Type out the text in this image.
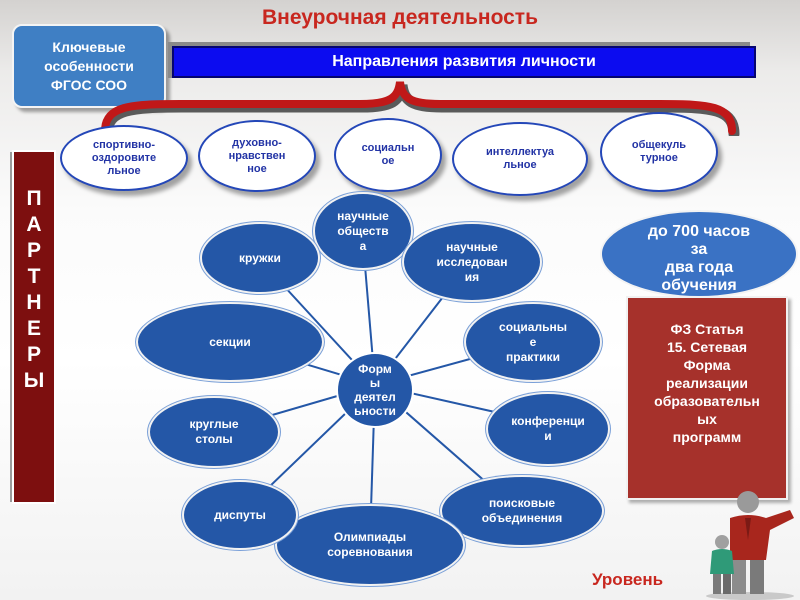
Внеурочная деятельность
Ключевые
особенности
ФГОС СОО
Направления развития личности
спортивно-
оздоровите
льное
духовно-
нравствен
ное
социальн
ое
интеллектуа
льное
общекуль
турное
П
А
Р
Т
Н
Е
Р
Ы
научные
обществ
а	научные
исследован
ия
социальны
е
практики
конференци
и
поисковые
объединения
Олимпиады
соревнования
диспуты
круглые
столы
секции
кружки
Форм
ы
деятел
ьности
до 700 часов
за
два года
обучения
ФЗ Статья
15. Сетевая
Форма
реализации
образовательн
ых
программ
Уровень
